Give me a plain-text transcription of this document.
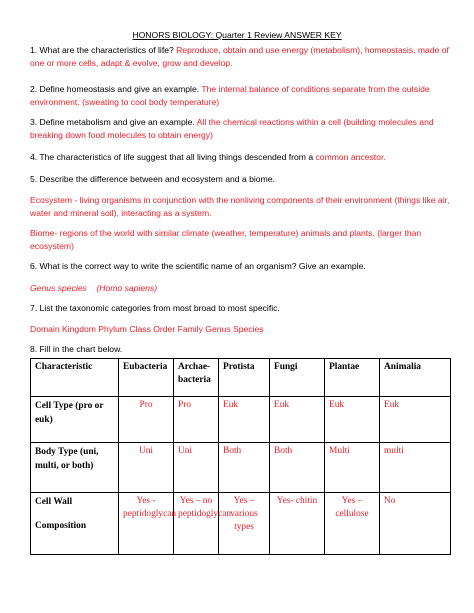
HONORS BIOLOGY: Quarter 1 Review ANSWER KEY
1. What are the characteristics of life? Reproduce, obtain and use energy (metabolism), homeostasis, made of one or more cells, adapt & evolve, grow and develop.
2. Define homeostasis and give an example. The internal balance of conditions separate from the outside environment. (sweating to cool body temperature)
3. Define metabolism and give an example. All the chemical reactions within a cell (building molecules and breaking down food molecules to obtain energy)
4. The characteristics of life suggest that all living things descended from a common ancestor.
5. Describe the difference between and ecosystem and a biome.
Ecosystem - living organisms in conjunction with the nonliving components of their environment (things like air, water and mineral soil), interacting as a system.
Biome- regions of the world with similar climate (weather, temperature) animals and plants. (larger than ecosystem)
6. What is the correct way to write the scientific name of an organism? Give an example.
Genus species (Homo sapiens)
7. List the taxonomic categories from most broad to most specific.
Domain Kingdom Phylum Class Order Family Genus Species
8. Fill in the chart below.
Characteristic	Eubacteria	Archae-bacteria	Protista	Fungi	Plantae	Animalia
Cell Type (pro or euk)	Pro	Pro	Euk	Euk	Euk	Euk
Body Type (uni, multi, or both)	Uni	Uni	Both	Both	Multi	multi

Cell Wall
Composition	Yes - peptidoglycan	Yes – no peptidoglycan	Yes – various types	Yes- chitin	Yes – cellulose	No
